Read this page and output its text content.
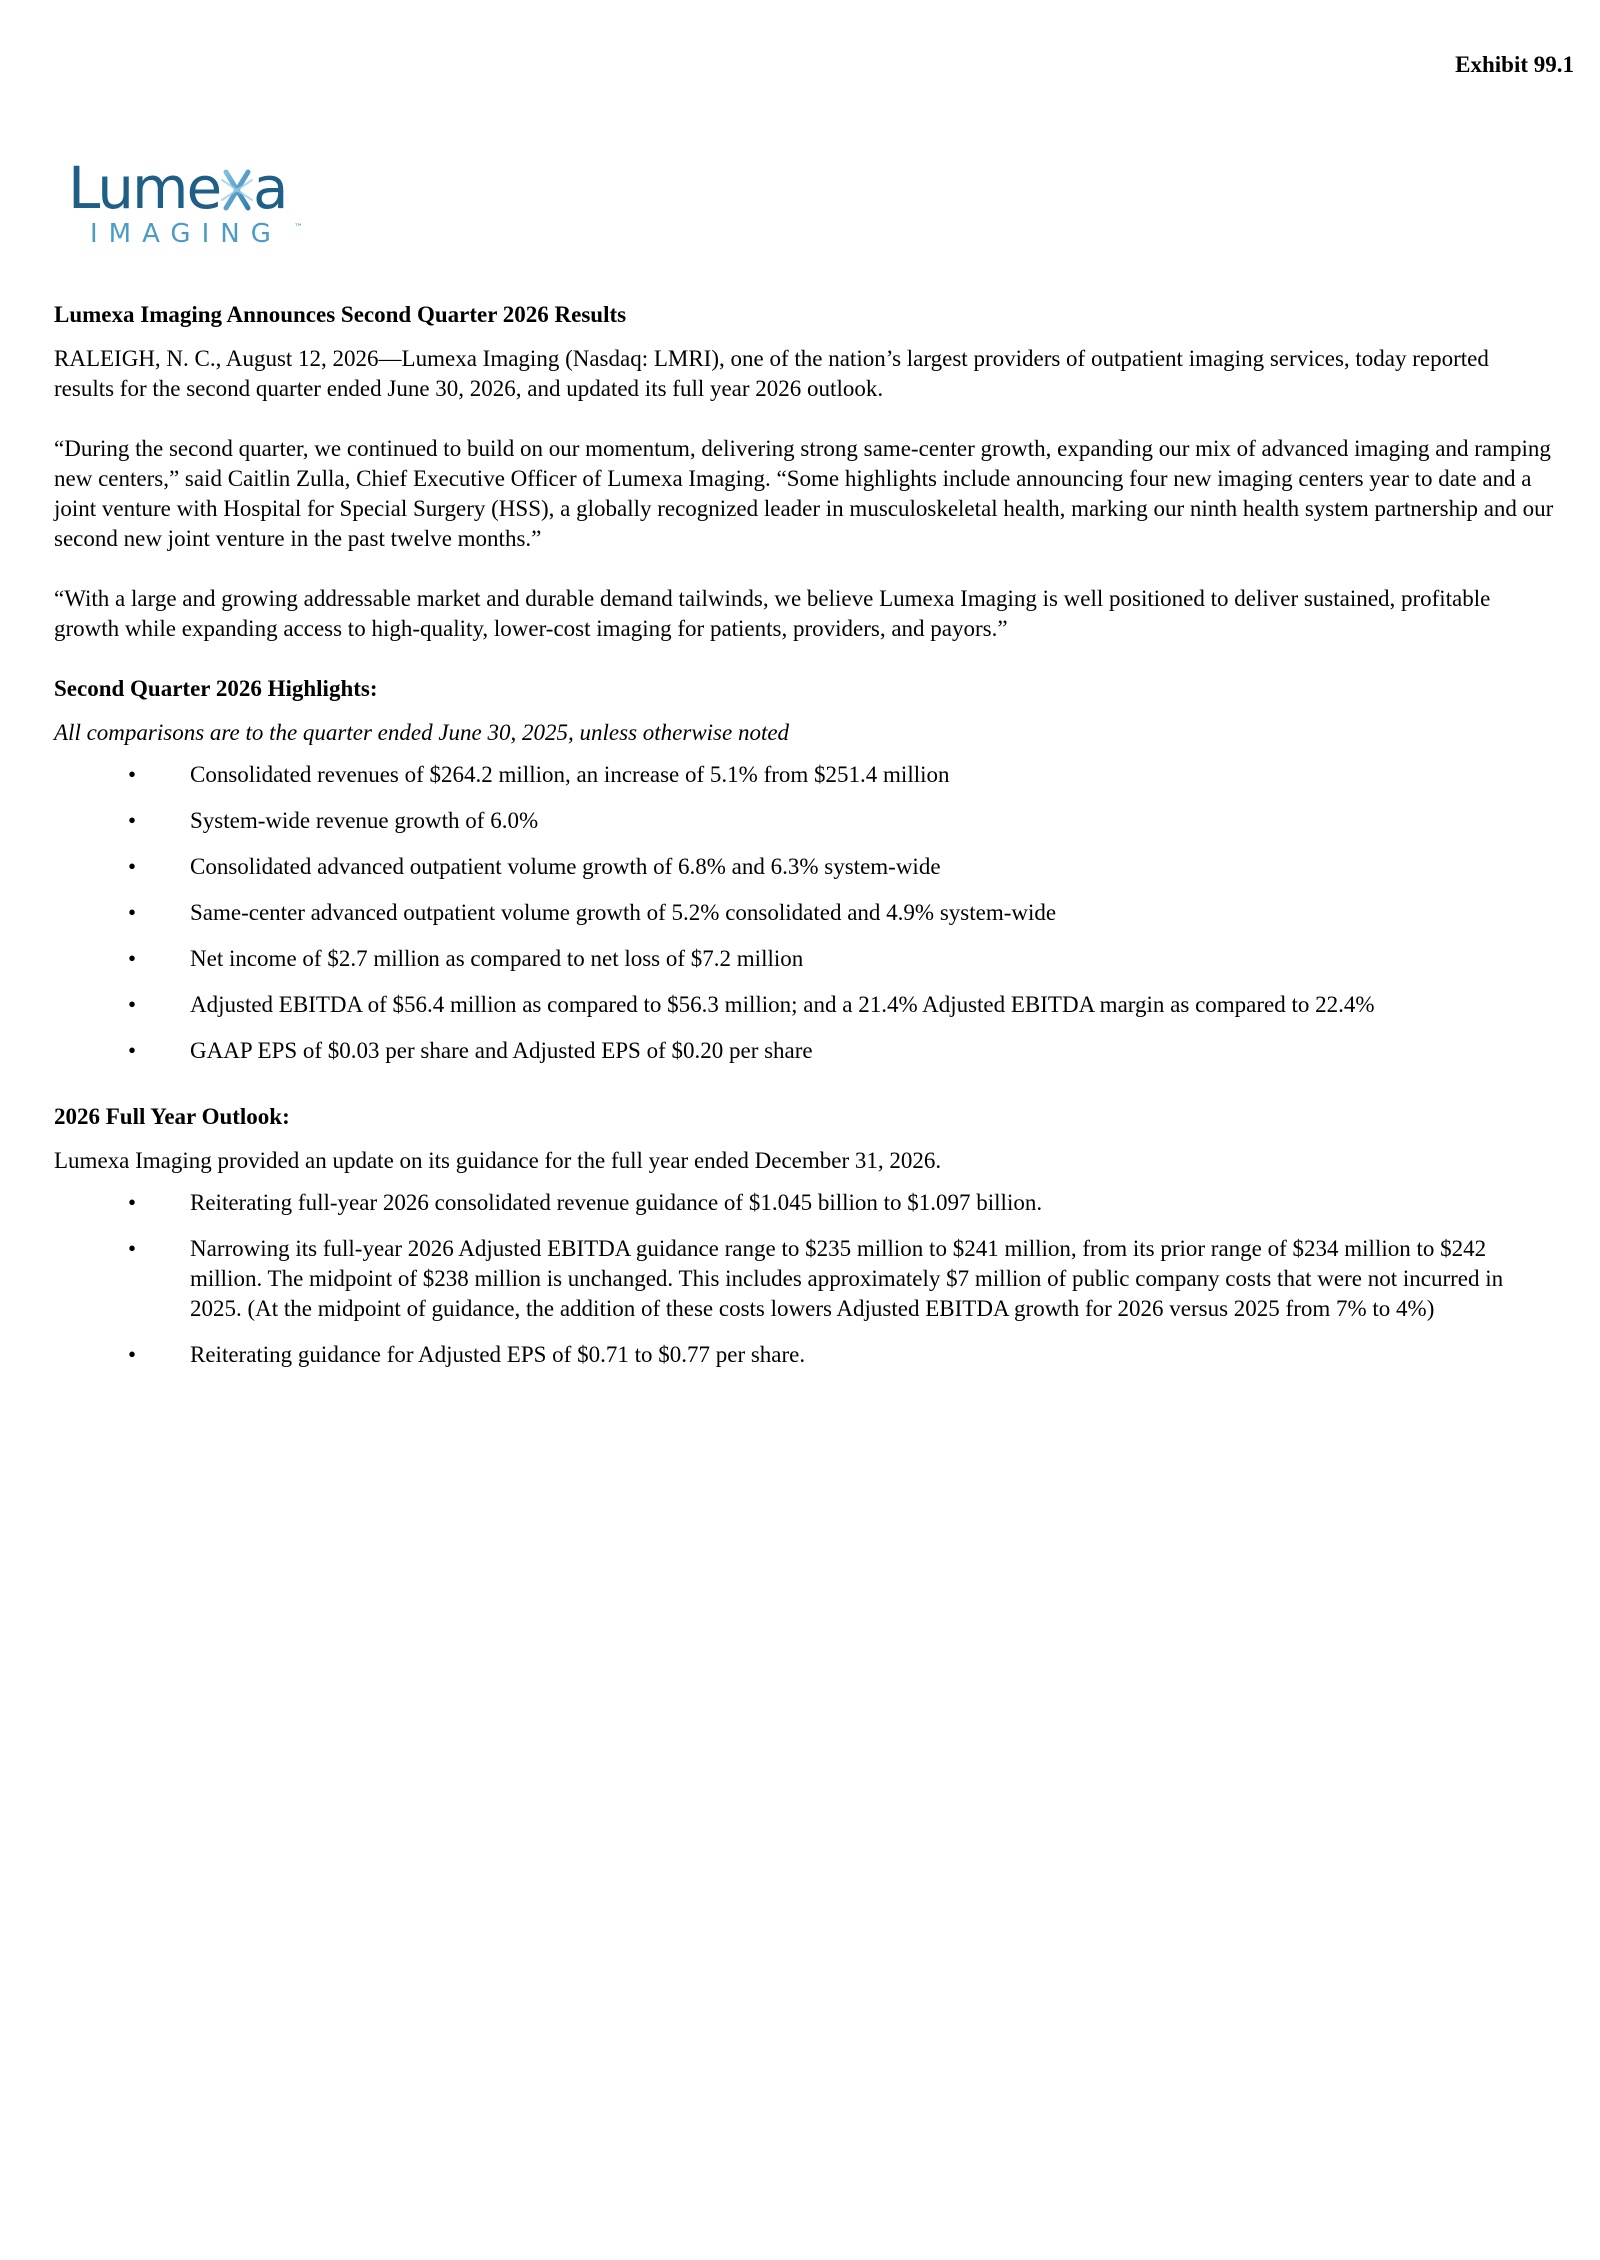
Exhibit 99.1
Lume a
IMAGING ™
Lumexa Imaging Announces Second Quarter 2026 Results

RALEIGH, N. C., August 12, 2026—Lumexa Imaging (Nasdaq: LMRI), one of the nation’s largest providers of outpatient imaging services, today reported results for the second quarter ended June 30, 2026, and updated its full year 2026 outlook.

“During the second quarter, we continued to build on our momentum, delivering strong same-center growth, expanding our mix of advanced imaging and ramping new centers,” said Caitlin Zulla, Chief Executive Officer of Lumexa Imaging. “Some highlights include announcing four new imaging centers year to date and a joint venture with Hospital for Special Surgery (HSS), a globally recognized leader in musculoskeletal health, marking our ninth health system partnership and our second new joint venture in the past twelve months.”

“With a large and growing addressable market and durable demand tailwinds, we believe Lumexa Imaging is well positioned to deliver sustained, profitable growth while expanding access to high-quality, lower-cost imaging for patients, providers, and payors.”

Second Quarter 2026 Highlights:
All comparisons are to the quarter ended June 30, 2025, unless otherwise noted
• Consolidated revenues of $264.2 million, an increase of 5.1% from $251.4 million
• System-wide revenue growth of 6.0%
• Consolidated advanced outpatient volume growth of 6.8% and 6.3% system-wide
• Same-center advanced outpatient volume growth of 5.2% consolidated and 4.9% system-wide
• Net income of $2.7 million as compared to net loss of $7.2 million
• Adjusted EBITDA of $56.4 million as compared to $56.3 million; and a 21.4% Adjusted EBITDA margin as compared to 22.4%
• GAAP EPS of $0.03 per share and Adjusted EPS of $0.20 per share
2026 Full Year Outlook:
Lumexa Imaging provided an update on its guidance for the full year ended December 31, 2026.
• Reiterating full-year 2026 consolidated revenue guidance of $1.045 billion to $1.097 billion.
• Narrowing its full-year 2026 Adjusted EBITDA guidance range to $235 million to $241 million, from its prior range of $234 million to $242 million. The midpoint of $238 million is unchanged. This includes approximately $7 million of public company costs that were not incurred in 2025. (At the midpoint of guidance, the addition of these costs lowers Adjusted EBITDA growth for 2026 versus 2025 from 7% to 4%)
• Reiterating guidance for Adjusted EPS of $0.71 to $0.77 per share.
